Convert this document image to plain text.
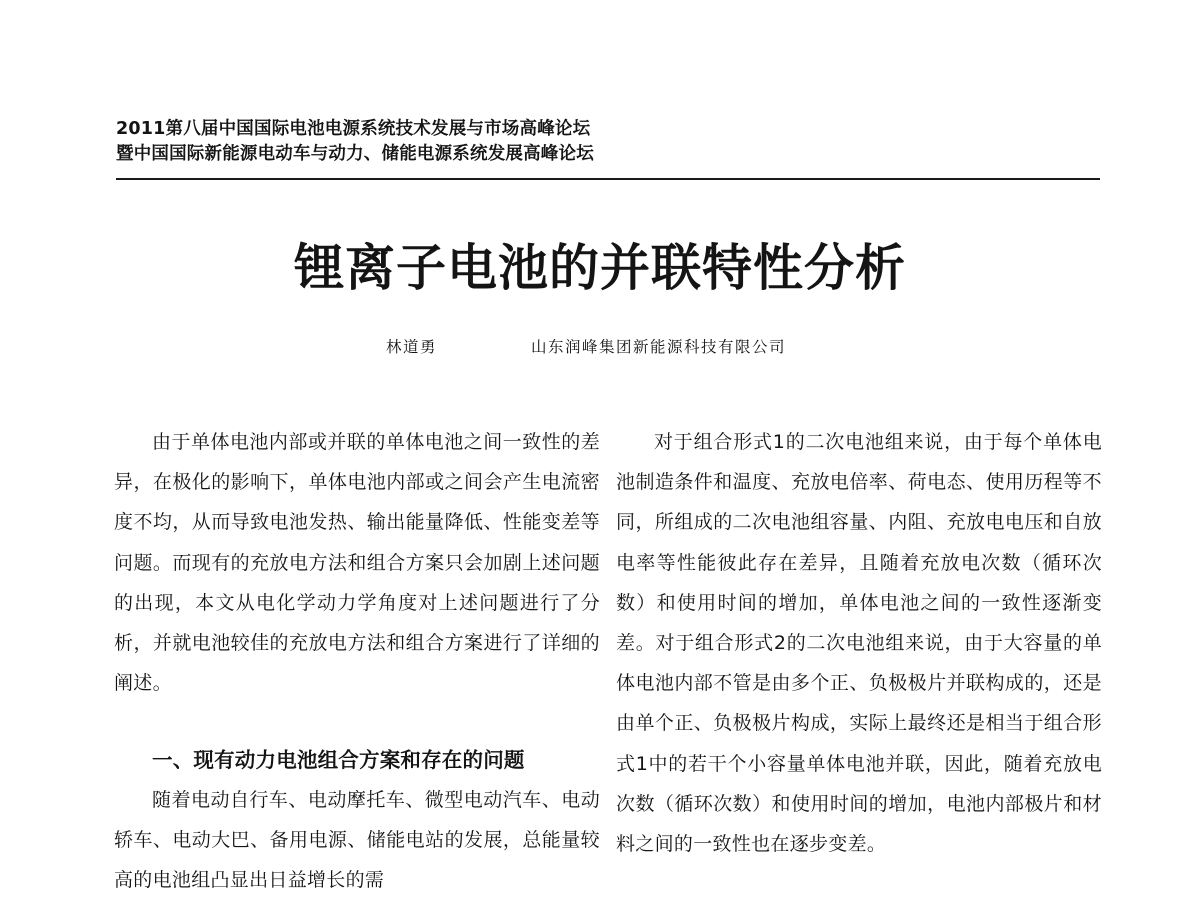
2011第八届中国国际电池电源系统技术发展与市场高峰论坛
暨中国国际新能源电动车与动力、储能电源系统发展高峰论坛
锂离子电池的并联特性分析
林道勇	山东润峰集团新能源科技有限公司

由于单体电池内部或并联的单体电池之间一致性的差异，在极化的影响下，单体电池内部或之间会产生电流密度不均，从而导致电池发热、输出能量降低、性能变差等问题。而现有的充放电方法和组合方案只会加剧上述问题的出现，本文从电化学动力学角度对上述问题进行了分析，并就电池较佳的充放电方法和组合方案进行了详细的阐述。

一、现有动力电池组合方案和存在的问题

随着电动自行车、电动摩托车、微型电动汽车、电动轿车、电动大巴、备用电源、储能电站的发展，总能量较高的电池组凸显出日益增长的需

对于组合形式1的二次电池组来说，由于每个单体电池制造条件和温度、充放电倍率、荷电态、使用历程等不同，所组成的二次电池组容量、内阻、充放电电压和自放电率等性能彼此存在差异，且随着充放电次数（循环次数）和使用时间的增加，单体电池之间的一致性逐渐变差。对于组合形式2的二次电池组来说，由于大容量的单体电池内部不管是由多个正、负极极片并联构成的，还是由单个正、负极极片构成，实际上最终还是相当于组合形式1中的若干个小容量单体电池并联，因此，随着充放电次数（循环次数）和使用时间的增加，电池内部极片和材料之间的一致性也在逐步变差。
